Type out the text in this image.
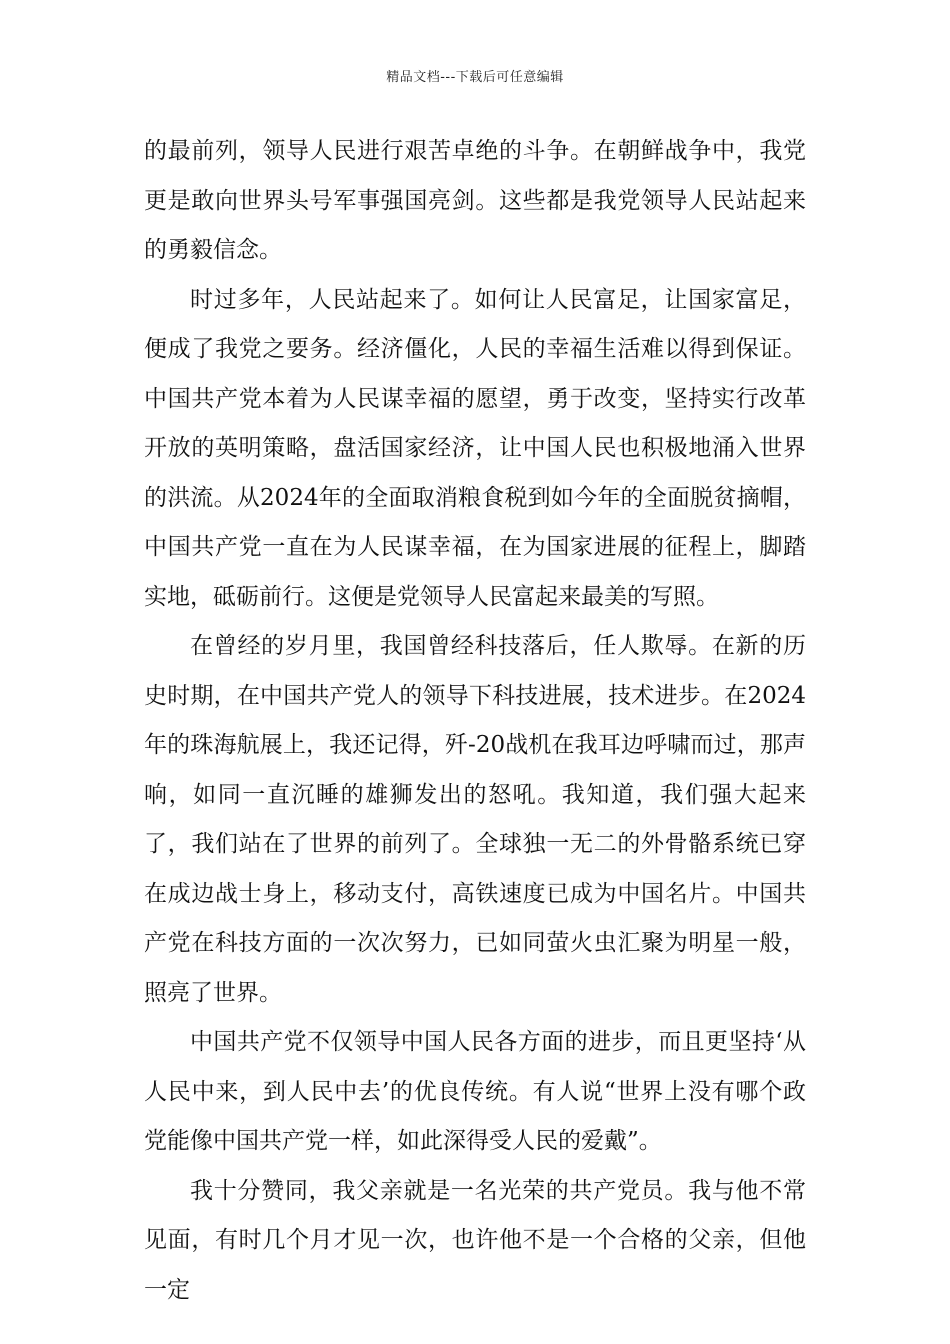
精品文档---下载后可任意编辑

的最前列，领导人民进行艰苦卓绝的斗争。在朝鲜战争中，我党更是敢向世界头号军事强国亮剑。这些都是我党领导人民站起来的勇毅信念。

时过多年，人民站起来了。如何让人民富足，让国家富足，便成了我党之要务。经济僵化，人民的幸福生活难以得到保证。中国共产党本着为人民谋幸福的愿望，勇于改变，坚持实行改革开放的英明策略，盘活国家经济，让中国人民也积极地涌入世界的洪流。从2024年的全面取消粮食税到如今年的全面脱贫摘帽，中国共产党一直在为人民谋幸福，在为国家进展的征程上，脚踏实地，砥砺前行。这便是党领导人民富起来最美的写照。

在曾经的岁月里，我国曾经科技落后，任人欺辱。在新的历史时期，在中国共产党人的领导下科技进展，技术进步。在2024年的珠海航展上，我还记得，歼-20战机在我耳边呼啸而过，那声响，如同一直沉睡的雄狮发出的怒吼。我知道，我们强大起来了，我们站在了世界的前列了。全球独一无二的外骨骼系统已穿在成边战士身上，移动支付，高铁速度已成为中国名片。中国共产党在科技方面的一次次努力，已如同萤火虫汇聚为明星一般，照亮了世界。

中国共产党不仅领导中国人民各方面的进步，而且更坚持‘从人民中来，到人民中去’的优良传统。有人说“世界上没有哪个政党能像中国共产党一样，如此深得受人民的爱戴”。

我十分赞同，我父亲就是一名光荣的共产党员。我与他不常见面，有时几个月才见一次，也许他不是一个合格的父亲，但他一定
